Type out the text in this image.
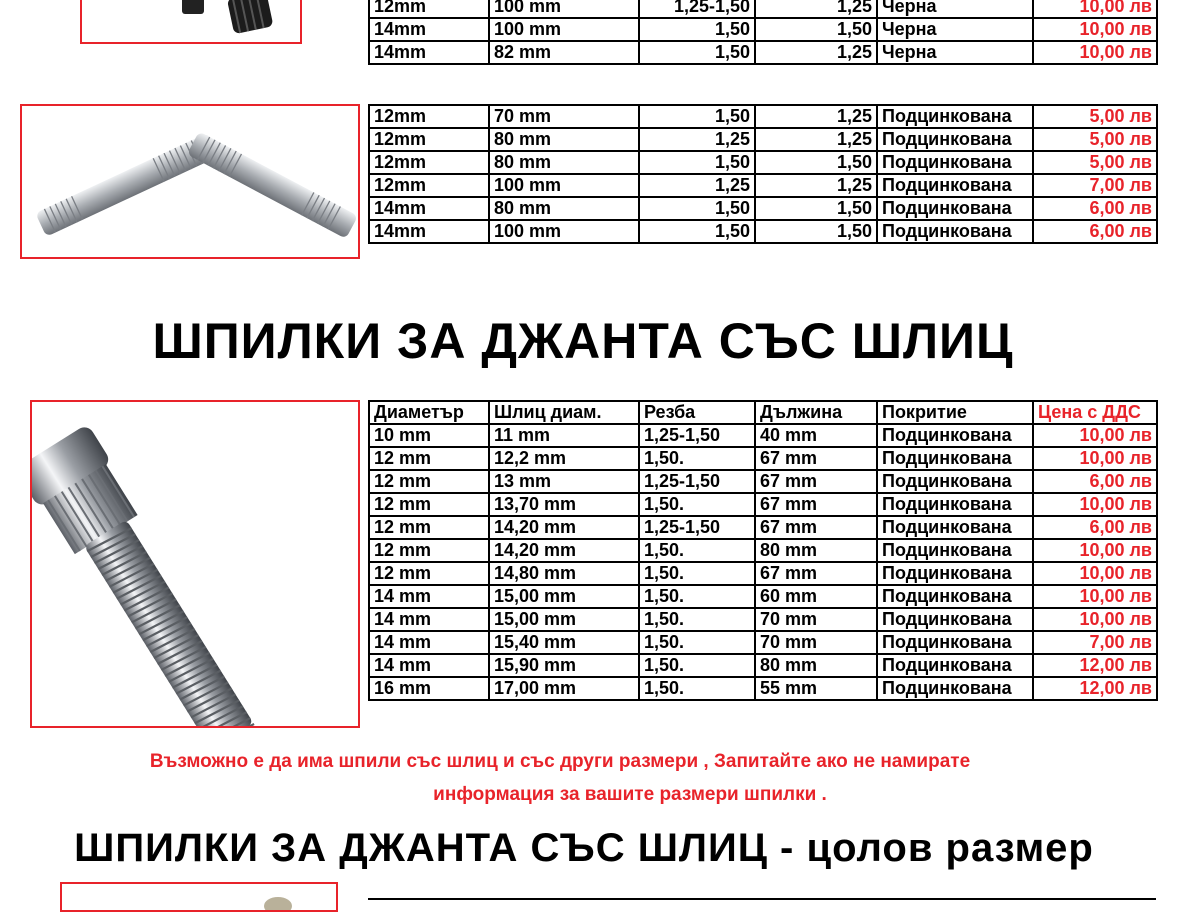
12mm	100 mm	1,25-1,50	1,25	Черна	10,00 лв
14mm	100 mm	1,50	1,50	Черна	10,00 лв
14mm	82 mm	1,50	1,25	Черна	10,00 лв
12mm	70 mm	1,50	1,25	Подцинкована	5,00 лв
12mm	80 mm	1,25	1,25	Подцинкована	5,00 лв
12mm	80 mm	1,50	1,50	Подцинкована	5,00 лв
12mm	100 mm	1,25	1,25	Подцинкована	7,00 лв
14mm	80 mm	1,50	1,50	Подцинкована	6,00 лв
14mm	100 mm	1,50	1,50	Подцинкована	6,00 лв
ШПИЛКИ ЗА ДЖАНТА СЪС ШЛИЦ
Диаметър	Шлиц диам.	Резба	Дължина	Покритие	Цена с ДДС
10 mm	11 mm	1,25-1,50	40 mm	Подцинкована	10,00 лв
12 mm	12,2 mm	1,50.	67 mm	Подцинкована	10,00 лв
12 mm	13 mm	1,25-1,50	67 mm	Подцинкована	6,00 лв
12 mm	13,70 mm	1,50.	67 mm	Подцинкована	10,00 лв
12 mm	14,20 mm	1,25-1,50	67 mm	Подцинкована	6,00 лв
12 mm	14,20 mm	1,50.	80 mm	Подцинкована	10,00 лв
12 mm	14,80 mm	1,50.	67 mm	Подцинкована	10,00 лв
14 mm	15,00 mm	1,50.	60 mm	Подцинкована	10,00 лв
14 mm	15,00 mm	1,50.	70 mm	Подцинкована	10,00 лв
14 mm	15,40 mm	1,50.	70 mm	Подцинкована	7,00 лв
14 mm	15,90 mm	1,50.	80 mm	Подцинкована	12,00 лв
16 mm	17,00 mm	1,50.	55 mm	Подцинкована	12,00 лв
Възможно е да има шпили със шлиц и със други размери , Запитайте ако не намирате
информация за вашите размери шпилки .
ШПИЛКИ ЗА ДЖАНТА СЪС ШЛИЦ - цолов размер
